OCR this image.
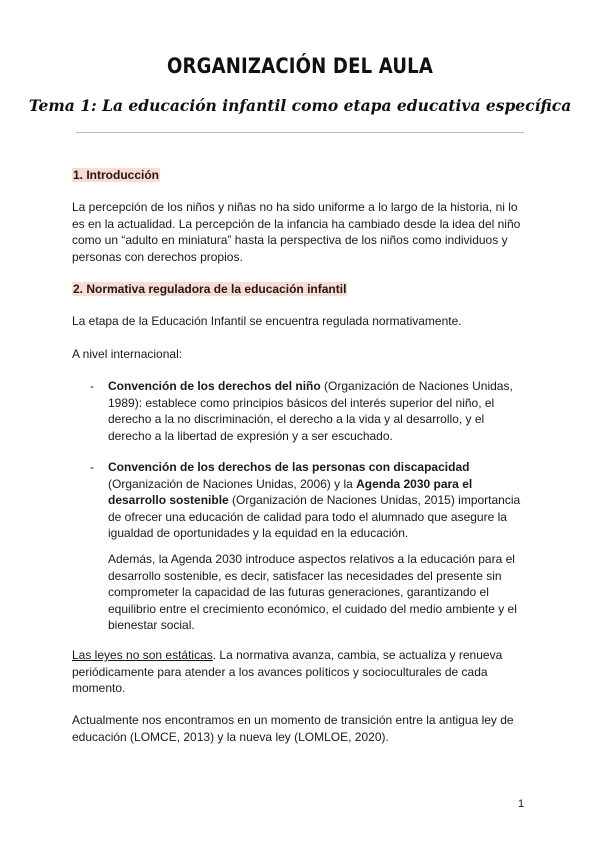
ORGANIZACIÓN DEL AULA
Tema 1: La educación infantil como etapa educativa específica
1. Introducción
La percepción de los niños y niñas no ha sido uniforme a lo largo de la historia, ni lo es en la actualidad. La percepción de la infancia ha cambiado desde la idea del niño como un “adulto en miniatura” hasta la perspectiva de los niños como individuos y personas con derechos propios.
2. Normativa reguladora de la educación infantil
La etapa de la Educación Infantil se encuentra regulada normativamente.
A nivel internacional:
- Convención de los derechos del niño (Organización de Naciones Unidas, 1989): establece como principios básicos del interés superior del niño, el derecho a la no discriminación, el derecho a la vida y al desarrollo, y el derecho a la libertad de expresión y a ser escuchado.
- Convención de los derechos de las personas con discapacidad (Organización de Naciones Unidas, 2006) y la Agenda 2030 para el desarrollo sostenible (Organización de Naciones Unidas, 2015) importancia de ofrecer una educación de calidad para todo el alumnado que asegure la igualdad de oportunidades y la equidad en la educación.
Además, la Agenda 2030 introduce aspectos relativos a la educación para el desarrollo sostenible, es decir, satisfacer las necesidades del presente sin comprometer la capacidad de las futuras generaciones, garantizando el equilibrio entre el crecimiento económico, el cuidado del medio ambiente y el bienestar social.
Las leyes no son estáticas. La normativa avanza, cambia, se actualiza y renueva periódicamente para atender a los avances políticos y socioculturales de cada momento.
Actualmente nos encontramos en un momento de transición entre la antigua ley de educación (LOMCE, 2013) y la nueva ley (LOMLOE, 2020).
1
